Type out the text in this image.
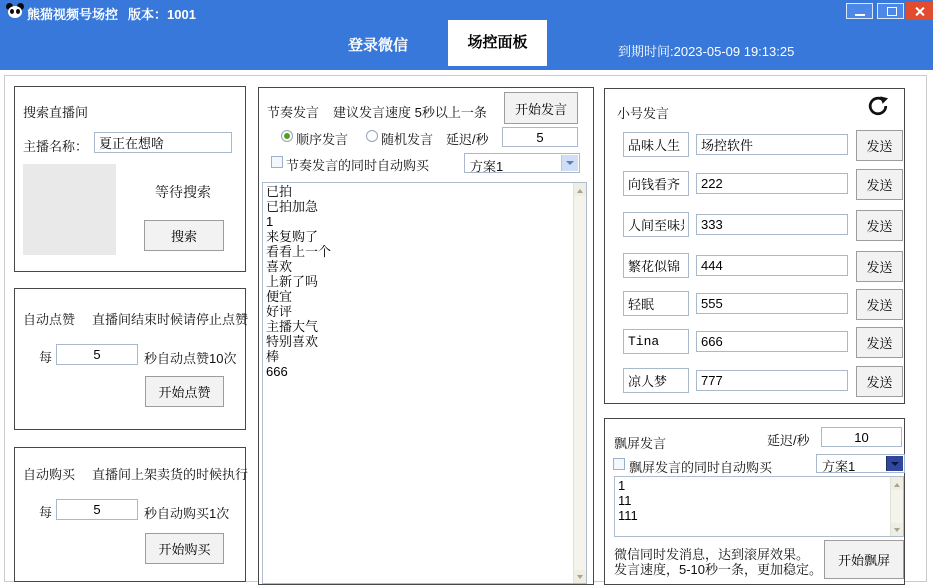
熊猫视频号场控 版本：1001
登录微信	场控面板
到期时间:2023-05-09 19:13:25
搜索直播间
主播名称：
夏正在想啥
等待搜索
搜索
自动点赞 直播间结束时候请停止点赞
每
5	秒自动点赞10次
开始点赞
自动购买 直播间上架卖货的时候执行
每
5	秒自动购买1次
开始购买
节奏发言 建议发言速度 5秒以上一条	开始发言
顺序发言	随机发言 延迟/秒
5
节奏发言的同时自动购买	方案1
已拍 已拍加急 1 来复购了 看看上一个 喜欢 上新了吗 便宜 好评 主播大气 特别喜欢 棒 666
小号发言
品味人生
场控软件
发送
向钱看齐
222
发送
人间至味是
333
发送
繁花似锦
444
发送
轻眠
555
发送
Tina
666
发送
凉人梦
777
发送
飘屏发言	延迟/秒
10
飘屏发言的同时自动购买	方案1
1 11 111
微信同时发消息，达到滚屏效果。
发言速度，5-10秒一条，更加稳定。
开始飘屏
